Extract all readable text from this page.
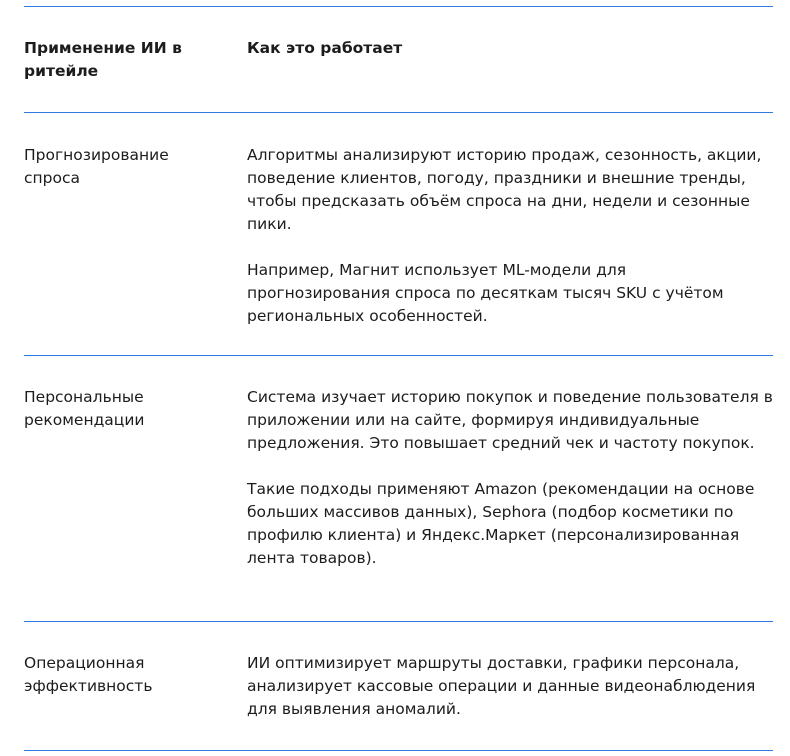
Применение ИИ в ритейле
Как это работает
Прогнозирование спроса

Алгоритмы анализируют историю продаж, сезонность, акции, поведение клиентов, погоду, праздники и внешние тренды, чтобы предсказать объём спроса на дни, недели и сезонные пики.

Например, Магнит использует ML-модели для прогнозирования спроса по десяткам тысяч SKU с учётом региональных особенностей.

Персональные рекомендации

Система изучает историю покупок и поведение пользователя в приложении или на сайте, формируя индивидуальные предложения. Это повышает средний чек и частоту покупок.

Такие подходы применяют Amazon (рекомендации на основе больших массивов данных), Sephora (подбор косметики по профилю клиента) и Яндекс.Маркет (персонализированная лента товаров).

Операционная эффективность

ИИ оптимизирует маршруты доставки, графики персонала, анализирует кассовые операции и данные видеонаблюдения для выявления аномалий.
